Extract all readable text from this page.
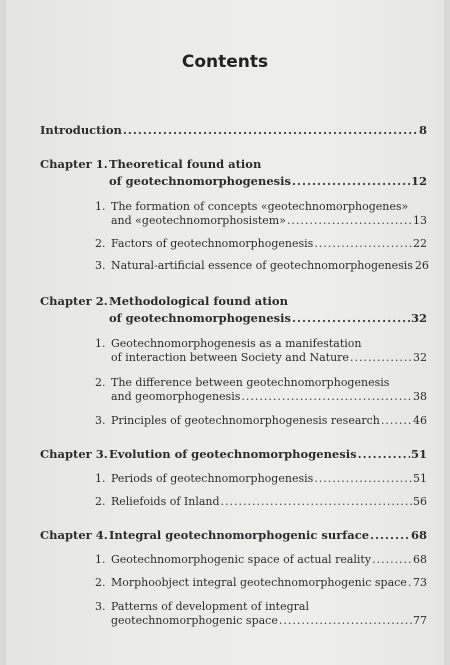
Contents
Introduction .....	8
Chapter 1. Theoretical found ation
of geotechnomorphogenesis .....	12
1. The formation of concepts «geotechnomorphogenes»
and «geotechnomorphosistem» .....	13
2. Factors of geotechnomorphogenesis .....	22
3. Natural-artificial essence of geotechnomorphogenesis 26
Chapter 2. Methodological found ation
of geotechnomorphogenesis .....	32
1. Geotechnomorphogenesis as a manifestation
of interaction between Society and Nature .....	32
2. The difference between geotechnomorphogenesis
and geomorphogenesis .....	38
3. Principles of geotechnomorphogenesis research .....	46
Chapter 3. Evolution of geotechnomorphogenesis .....	51
1. Periods of geotechnomorphogenesis .....	51
2. Reliefoids of Inland .....	56
Chapter 4. Integral geotechnomorphogenic surface .....	68
1. Geotechnomorphogenic space of actual reality .....	68
2. Morphoobject integral geotechnomorphogenic space ..... 73
3. Patterns of development of integral
geotechnomorphogenic space .....	77
